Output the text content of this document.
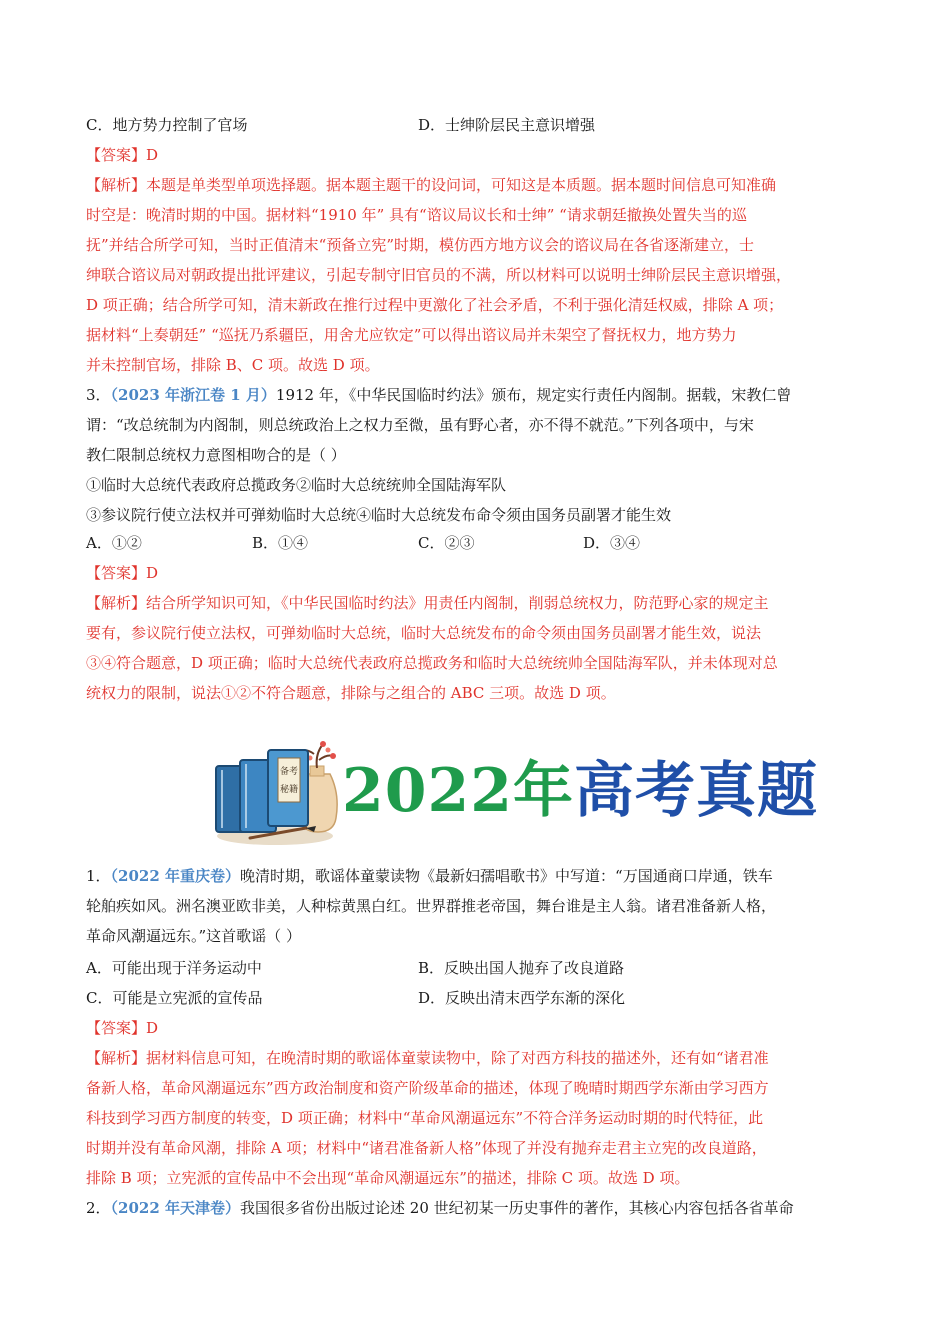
C．地方势力控制了官场	D．士绅阶层民主意识增强
【答案】D
【解析】本题是单类型单项选择题。据本题主题干的设问词，可知这是本质题。据本题时间信息可知准确
时空是：晚清时期的中国。据材料“1910 年” 具有“谘议局议长和士绅” “请求朝廷撤换处置失当的巡
抚”并结合所学可知，当时正值清末“预备立宪”时期，模仿西方地方议会的谘议局在各省逐渐建立，士
绅联合谘议局对朝政提出批评建议，引起专制守旧官员的不满，所以材料可以说明士绅阶层民主意识增强，
D 项正确；结合所学可知，清末新政在推行过程中更激化了社会矛盾，不利于强化清廷权威，排除 A 项；
据材料“上奏朝廷” “巡抚乃系疆臣，用舍尤应钦定”可以得出谘议局并未架空了督抚权力，地方势力
并未控制官场，排除 B、C 项。故选 D 项。
3．（2023 年浙江卷 1 月）1912 年，《中华民国临时约法》颁布，规定实行责任内阁制。据载，宋教仁曾
谓：“改总统制为内阁制，则总统政治上之权力至微，虽有野心者，亦不得不就范。”下列各项中，与宋
教仁限制总统权力意图相吻合的是（ ）
①临时大总统代表政府总揽政务②临时大总统统帅全国陆海军队
③参议院行使立法权并可弹劾临时大总统④临时大总统发布命令须由国务员副署才能生效
A．①②	B．①④	C．②③	D．③④
【答案】D
【解析】结合所学知识可知，《中华民国临时约法》用责任内阁制，削弱总统权力，防范野心家的规定主
要有，参议院行使立法权，可弹劾临时大总统，临时大总统发布的命令须由国务员副署才能生效，说法
③④符合题意，D 项正确；临时大总统代表政府总揽政务和临时大总统统帅全国陆海军队，并未体现对总
统权力的限制，说法①②不符合题意，排除与之组合的 ABC 三项。故选 D 项。
备考
秘籍 2022年高考真题
1．（2022 年重庆卷）晚清时期，歌谣体童蒙读物《最新妇孺唱歌书》中写道：“万国通商口岸通，铁车
轮舶疾如风。洲名澳亚欧非美，人种棕黄黑白红。世界群推老帝国，舞台谁是主人翁。诸君准备新人格，
革命风潮逼远东。”这首歌谣（ ）
A．可能出现于洋务运动中	B．反映出国人抛弃了改良道路
C．可能是立宪派的宣传品	D．反映出清末西学东渐的深化
【答案】D
【解析】据材料信息可知，在晚清时期的歌谣体童蒙读物中，除了对西方科技的描述外，还有如“诸君准
备新人格，革命风潮逼远东”西方政治制度和资产阶级革命的描述，体现了晚晴时期西学东渐由学习西方
科技到学习西方制度的转变，D 项正确；材料中“革命风潮逼远东”不符合洋务运动时期的时代特征，此
时期并没有革命风潮，排除 A 项；材料中“诸君准备新人格”体现了并没有抛弃走君主立宪的改良道路，
排除 B 项；立宪派的宣传品中不会出现“革命风潮逼远东”的描述，排除 C 项。故选 D 项。
2．（2022 年天津卷）我国很多省份出版过论述 20 世纪初某一历史事件的著作，其核心内容包括各省革命
